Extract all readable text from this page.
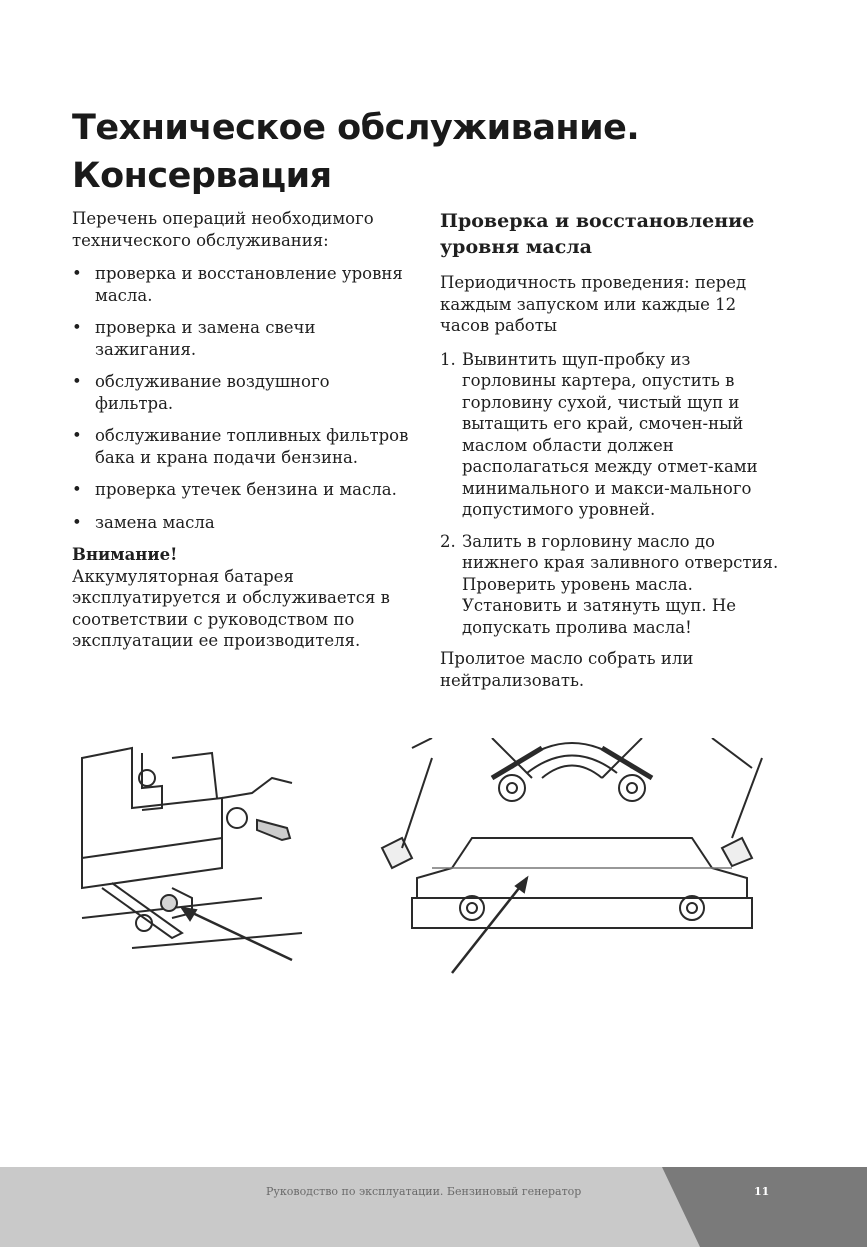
Техническое обслуживание.
Консервация

Перечень операций необходимого технического обслуживания:

• проверка и восстановление уровня масла.
• проверка и замена свечи зажигания.
• обслуживание воздушного фильтра.
• обслуживание топливных фильтров бака и крана подачи бензина.
• проверка утечек бензина и масла.
• замена масла

Внимание!

Аккумуляторная батарея эксплуатируется и обслуживается в соответствии с руководством по эксплуатации ее производителя.

Проверка и восстановление уровня масла

Периодичность проведения: перед каждым запуском или каждые 12 часов работы

1. Вывинтить щуп-пробку из горловины картера, опустить в горловину сухой, чистый щуп и вытащить его край, смочен-ный маслом области должен располагаться между отмет-ками минимального и макси-мального допустимого уровней.
2. Залить в горловину масло до нижнего края заливного отверстия. Проверить уровень масла. Установить и затянуть щуп. Не допускать пролива масла!

Пролитое масло собрать или нейтрализовать.

Руководство по эксплуатации. Бензиновый генератор	11
